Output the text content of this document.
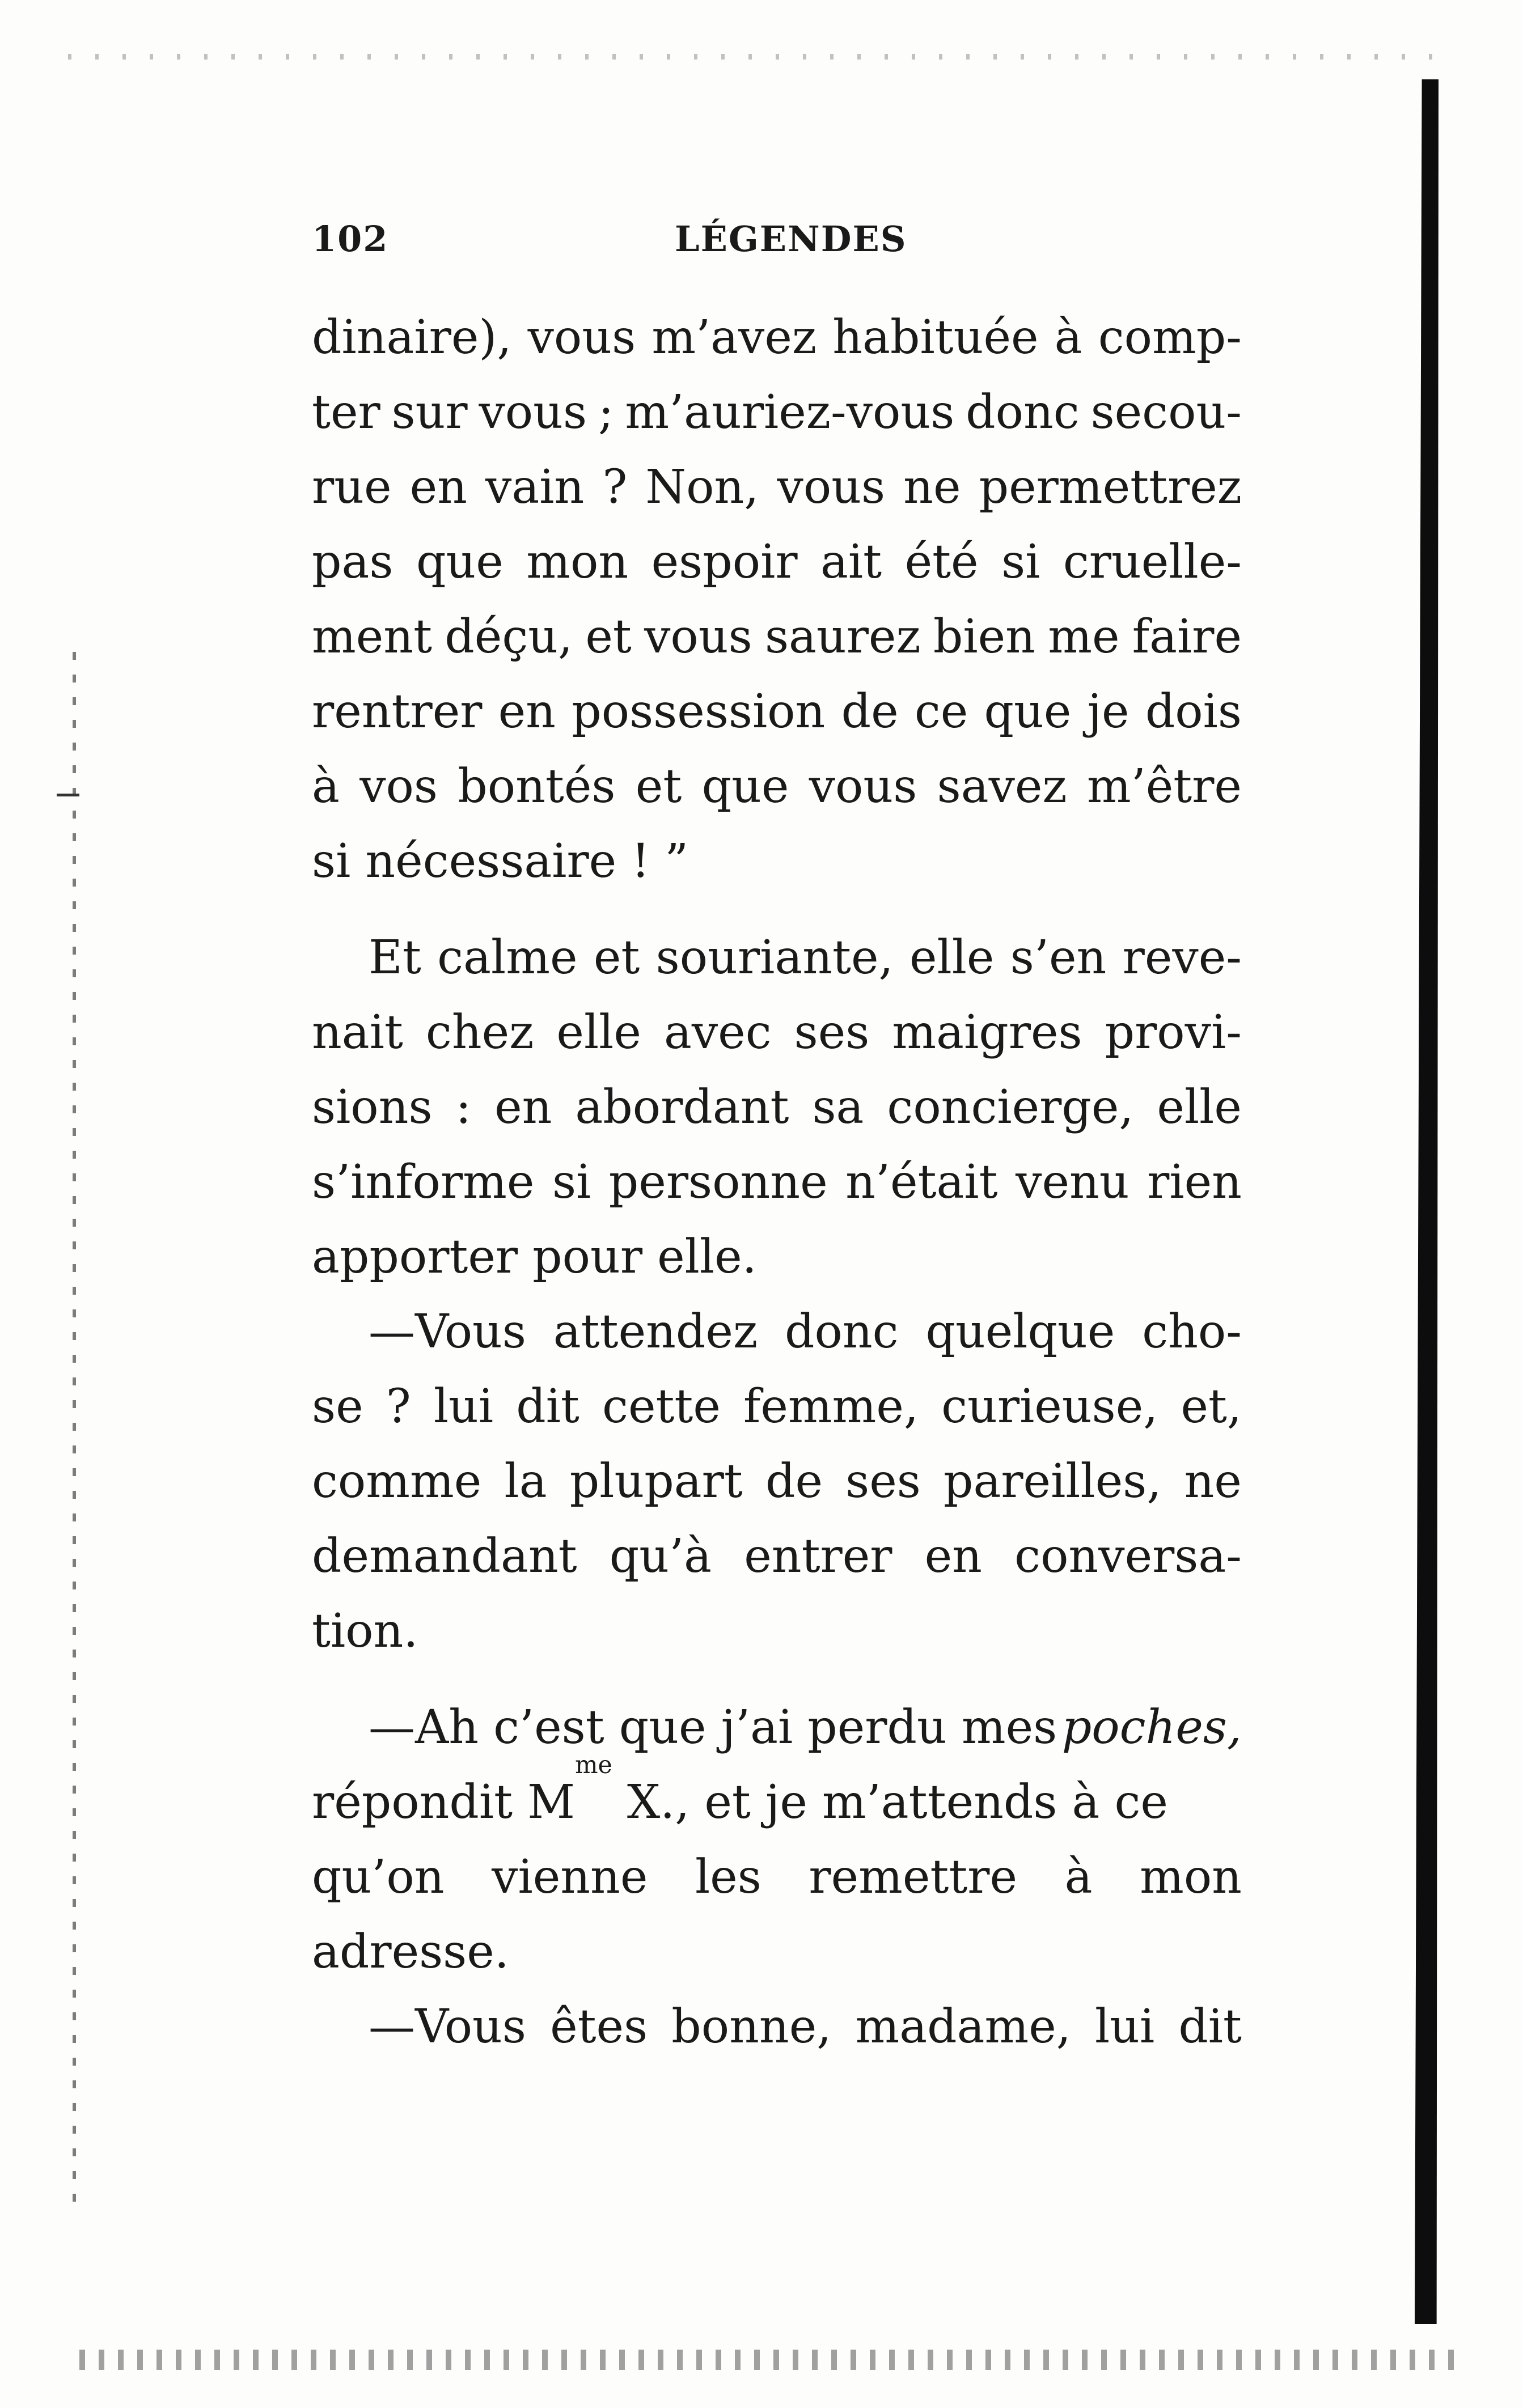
102	LÉGENDES
dinaire), vous m’avez habituée à comp-
ter sur vous ; m’auriez-vous donc secou-
rue en vain ? Non, vous ne permettrez
pas que mon espoir ait été si cruelle-
ment déçu, et vous saurez bien me faire
rentrer en possession de ce que je dois
à vos bontés et que vous savez m’être
si nécessaire ! ”
Et calme et souriante, elle s’en reve-
nait chez elle avec ses maigres provi-
sions : en abordant sa concierge, elle
s’informe si personne n’était venu rien
apporter pour elle.
—Vous attendez donc quelque cho-
se ? lui dit cette femme, curieuse, et,
comme la plupart de ses pareilles, ne
demandant qu’à entrer en conversa-
tion.
—Ah c’est que j’ai perdu mes poches,
répondit M
me
X., et je m’attends à ce
qu’on vienne les remettre à mon
adresse.
—Vous êtes bonne, madame, lui dit
